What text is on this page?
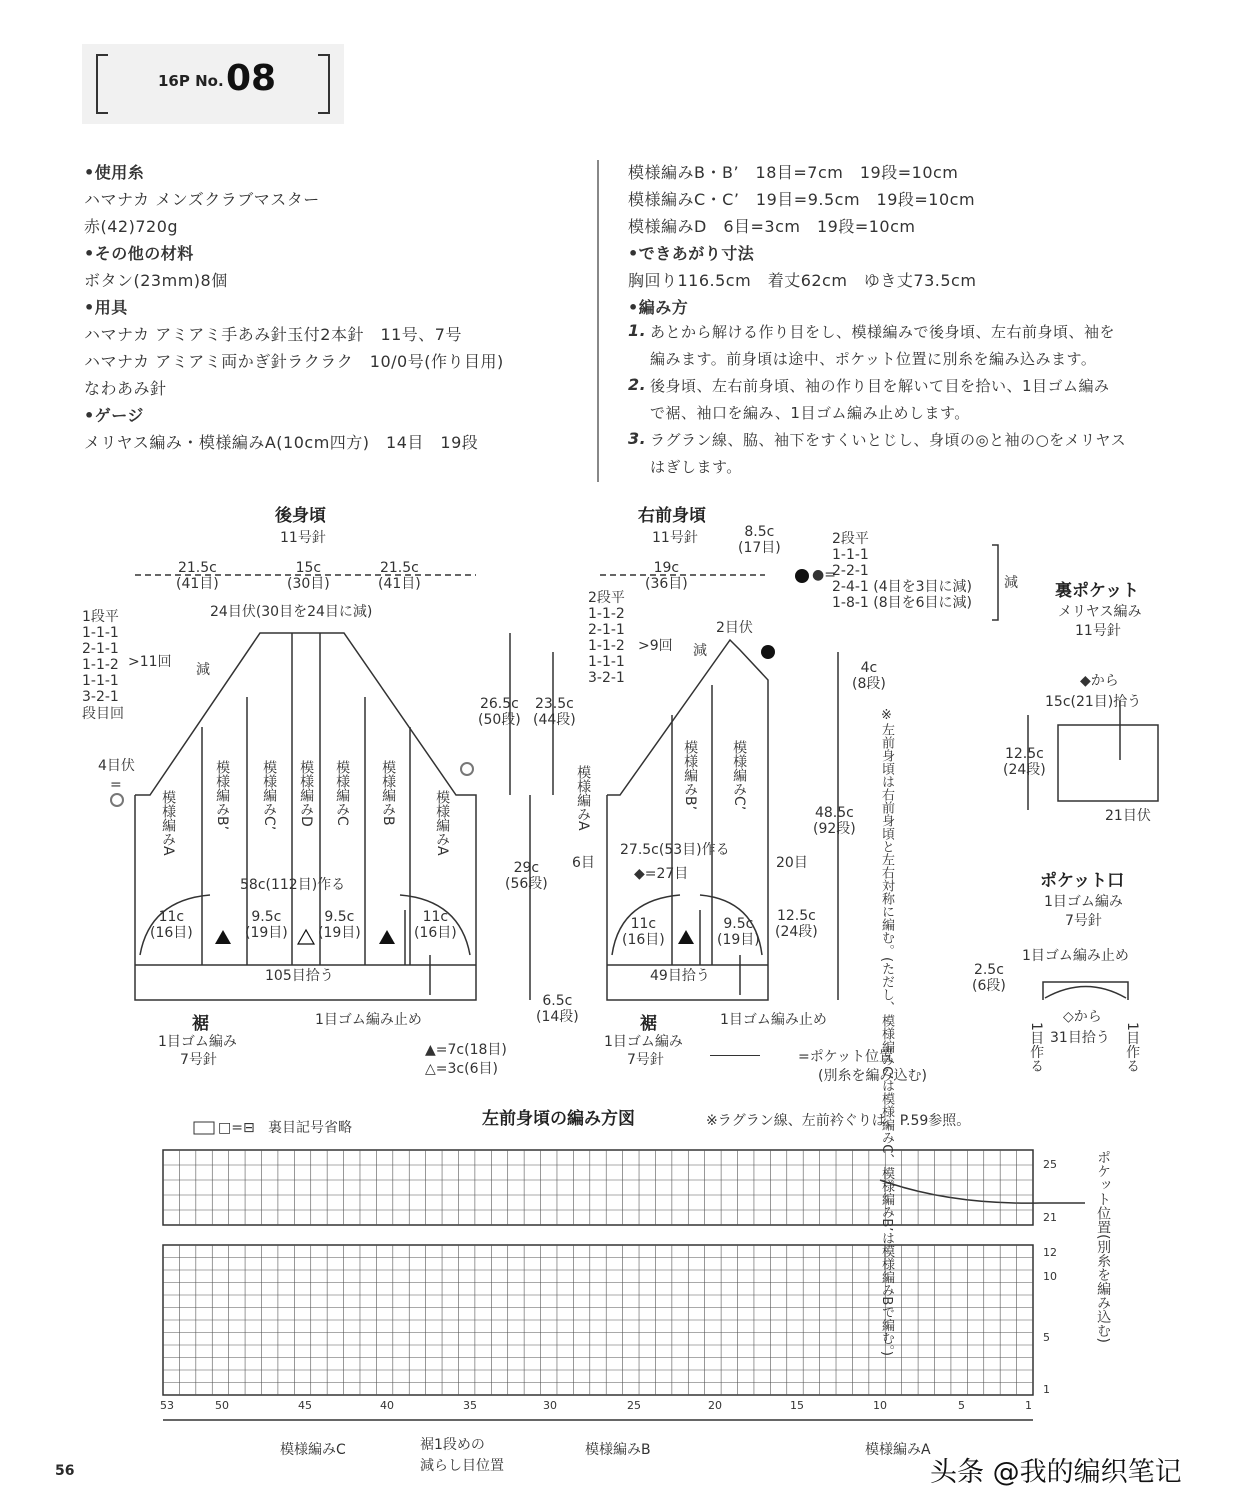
16P No. 08
•使用糸
ハマナカ メンズクラブマスター
赤(42)720g
•その他の材料
ボタン(23mm)8個
•用具
ハマナカ アミアミ手あみ針玉付2本針　11号、7号
ハマナカ アミアミ両かぎ針ラクラク　10/0号(作り目用)
なわあみ針
•ゲージ
メリヤス編み・模様編みA(10cm四方)　14目　19段
模様編みB・B’　18目=7cm　19段=10cm
模様編みC・C’　19目=9.5cm　19段=10cm
模様編みD　6目=3cm　19段=10cm
•できあがり寸法
胸回り116.5cm　着丈62cm　ゆき丈73.5cm
•編み方
1. あとから解ける作り目をし、模様編みで後身頃、左右前身頃、袖を
編みます。前身頃は途中、ポケット位置に別糸を編み込みます。
2. 後身頃、左右前身頃、袖の作り目を解いて目を拾い、1目ゴム編み
で裾、袖口を編み、1目ゴム編み止めします。
3. ラグラン線、脇、袖下をすくいとじし、身頃の◎と袖の○をメリヤス
はぎします。
後身頃
11号針
21.5c
(41目)
15c
(30目)
21.5c
(41目)
24目伏(30目を24目に減)
1段平
1-1-1
2-1-1
1-1-2
1-1-1
3-2-1
段目回
>11回 減
4目伏
=
模様編みA	模様編みB’ 模様編みC’ 模様編みD 模様編みC 模様編みB	模様編みA
26.5c
(50段)
23.5c
(44段)
29c
(56段)
6.5c
(14段)
58c(112目)作る
11c
(16目)
9.5c
(19目)
9.5c
(19目)
11c
(16目)
105目拾う
裾
1目ゴム編み
7号針
1目ゴム編み止め
▲=7c(18目)
△=3c(6目)
右前身頃
11号針
19c
(36目)
8.5c
(17目)
●=
2段平
1-1-1
2-2-1
2-4-1 (4目を3目に減)
1-8-1 (8目を6目に減)
減
2段平
1-1-2
2-1-1
1-1-2
1-1-1
3-2-1
>9回 減
2目伏
4c
(8段)
48.5c
(92段)
模様編みA	模様編みB’ 模様編みC’
27.5c(53目)作る
◆=27目
6目	20目
11c
(16目)
9.5c
(19目)
12.5c
(24段)
49目拾う
裾
1目ゴム編み
7号針
1目ゴム編み止め
=ポケット位置
(別糸を編み込む)
※左前身頃は右前身頃と左右対称に編む。(ただし、模様編みC’は模様編みC、模様編みB’は模様編みBで編む。)
裏ポケット
メリヤス編み
11号針
◆から
15c(21目)拾う
12.5c
(24段)
21目伏
ポケット口
1目ゴム編み
7号針
1目ゴム編み止め
2.5c
(6段)
◇から
31目拾う
1目作る	1目作る
□=⊟ 裏目記号省略	左前身頃の編み方図	※ラグラン線、左前衿ぐりは、P.59参照。
25
21
12
10
5
1
ポケット位置(別糸を編み込む)
53	50	45	40	35	30	25	20	15	10	5	1
模様編みC	裾1段めの
減らし目位置
模様編みB	模様編みA
56	头条 @我的编织笔记
